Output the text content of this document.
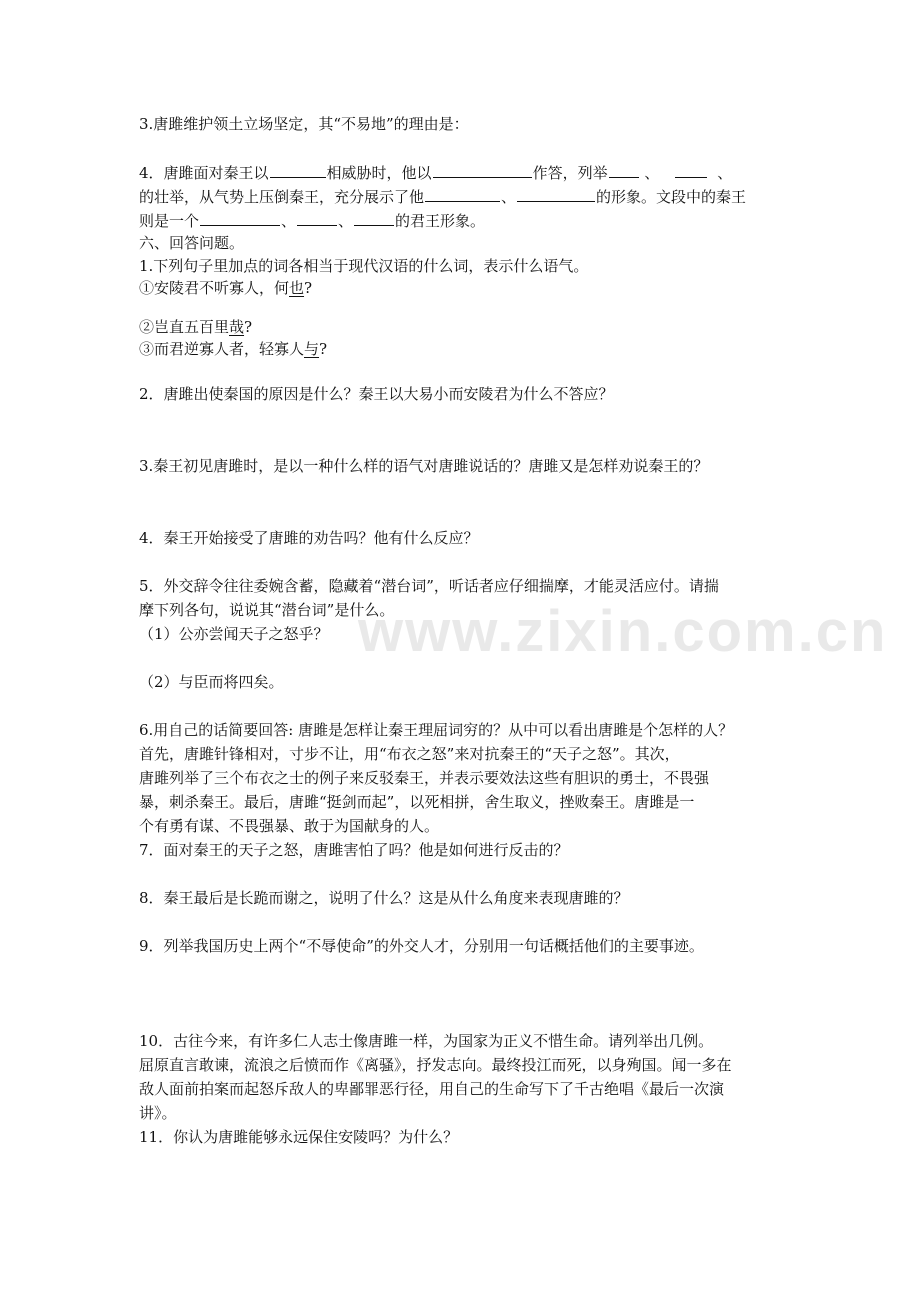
www.zixin.com.cn
3.唐雎维护领土立场坚定，其“不易地”的理由是：
4．唐雎面对秦王以	相威胁时，他以	作答，列举 、	、
的壮举，从气势上压倒秦王，充分展示了他	、	的形象。文段中的秦王
则是一个	、	、	的君王形象。
六、回答问题。
1.下列句子里加点的词各相当于现代汉语的什么词，表示什么语气。
①安陵君不听寡人，何也?
②岂直五百里哉?
③而君逆寡人者，轻寡人与?
2．唐雎出使秦国的原因是什么？秦王以大易小而安陵君为什么不答应？
3.秦王初见唐雎时，是以一种什么样的语气对唐雎说话的？唐雎又是怎样劝说秦王的？
4．秦王开始接受了唐雎的劝告吗？他有什么反应？
5．外交辞令往往委婉含蓄，隐藏着“潜台词”，听话者应仔细揣摩，才能灵活应付。请揣
摩下列各句，说说其“潜台词”是什么。
（1）公亦尝闻天子之怒乎？
（2）与臣而将四矣。
6.用自己的话简要回答: 唐雎是怎样让秦王理屈词穷的？从中可以看出唐雎是个怎样的人？
首先，唐雎针锋相对，寸步不让，用“布衣之怒”来对抗秦王的“天子之怒”。其次，
唐雎列举了三个布衣之士的例子来反驳秦王，并表示要效法这些有胆识的勇士，不畏强
暴，刺杀秦王。最后，唐雎“挺剑而起”，以死相拼，舍生取义，挫败秦王。唐雎是一
个有勇有谋、不畏强暴、敢于为国献身的人。
7．面对秦王的天子之怒，唐雎害怕了吗？他是如何进行反击的？
8．秦王最后是长跪而谢之，说明了什么？这是从什么角度来表现唐雎的？
9．列举我国历史上两个“不辱使命”的外交人才，分别用一句话概括他们的主要事迹。
10．古往今来，有许多仁人志士像唐雎一样，为国家为正义不惜生命。请列举出几例。
屈原直言敢谏，流浪之后愤而作《离骚》，抒发志向。最终投江而死，以身殉国。闻一多在
敌人面前拍案而起怒斥敌人的卑鄙罪恶行径，用自己的生命写下了千古绝唱《最后一次演
讲》。
11．你认为唐雎能够永远保住安陵吗？为什么？
